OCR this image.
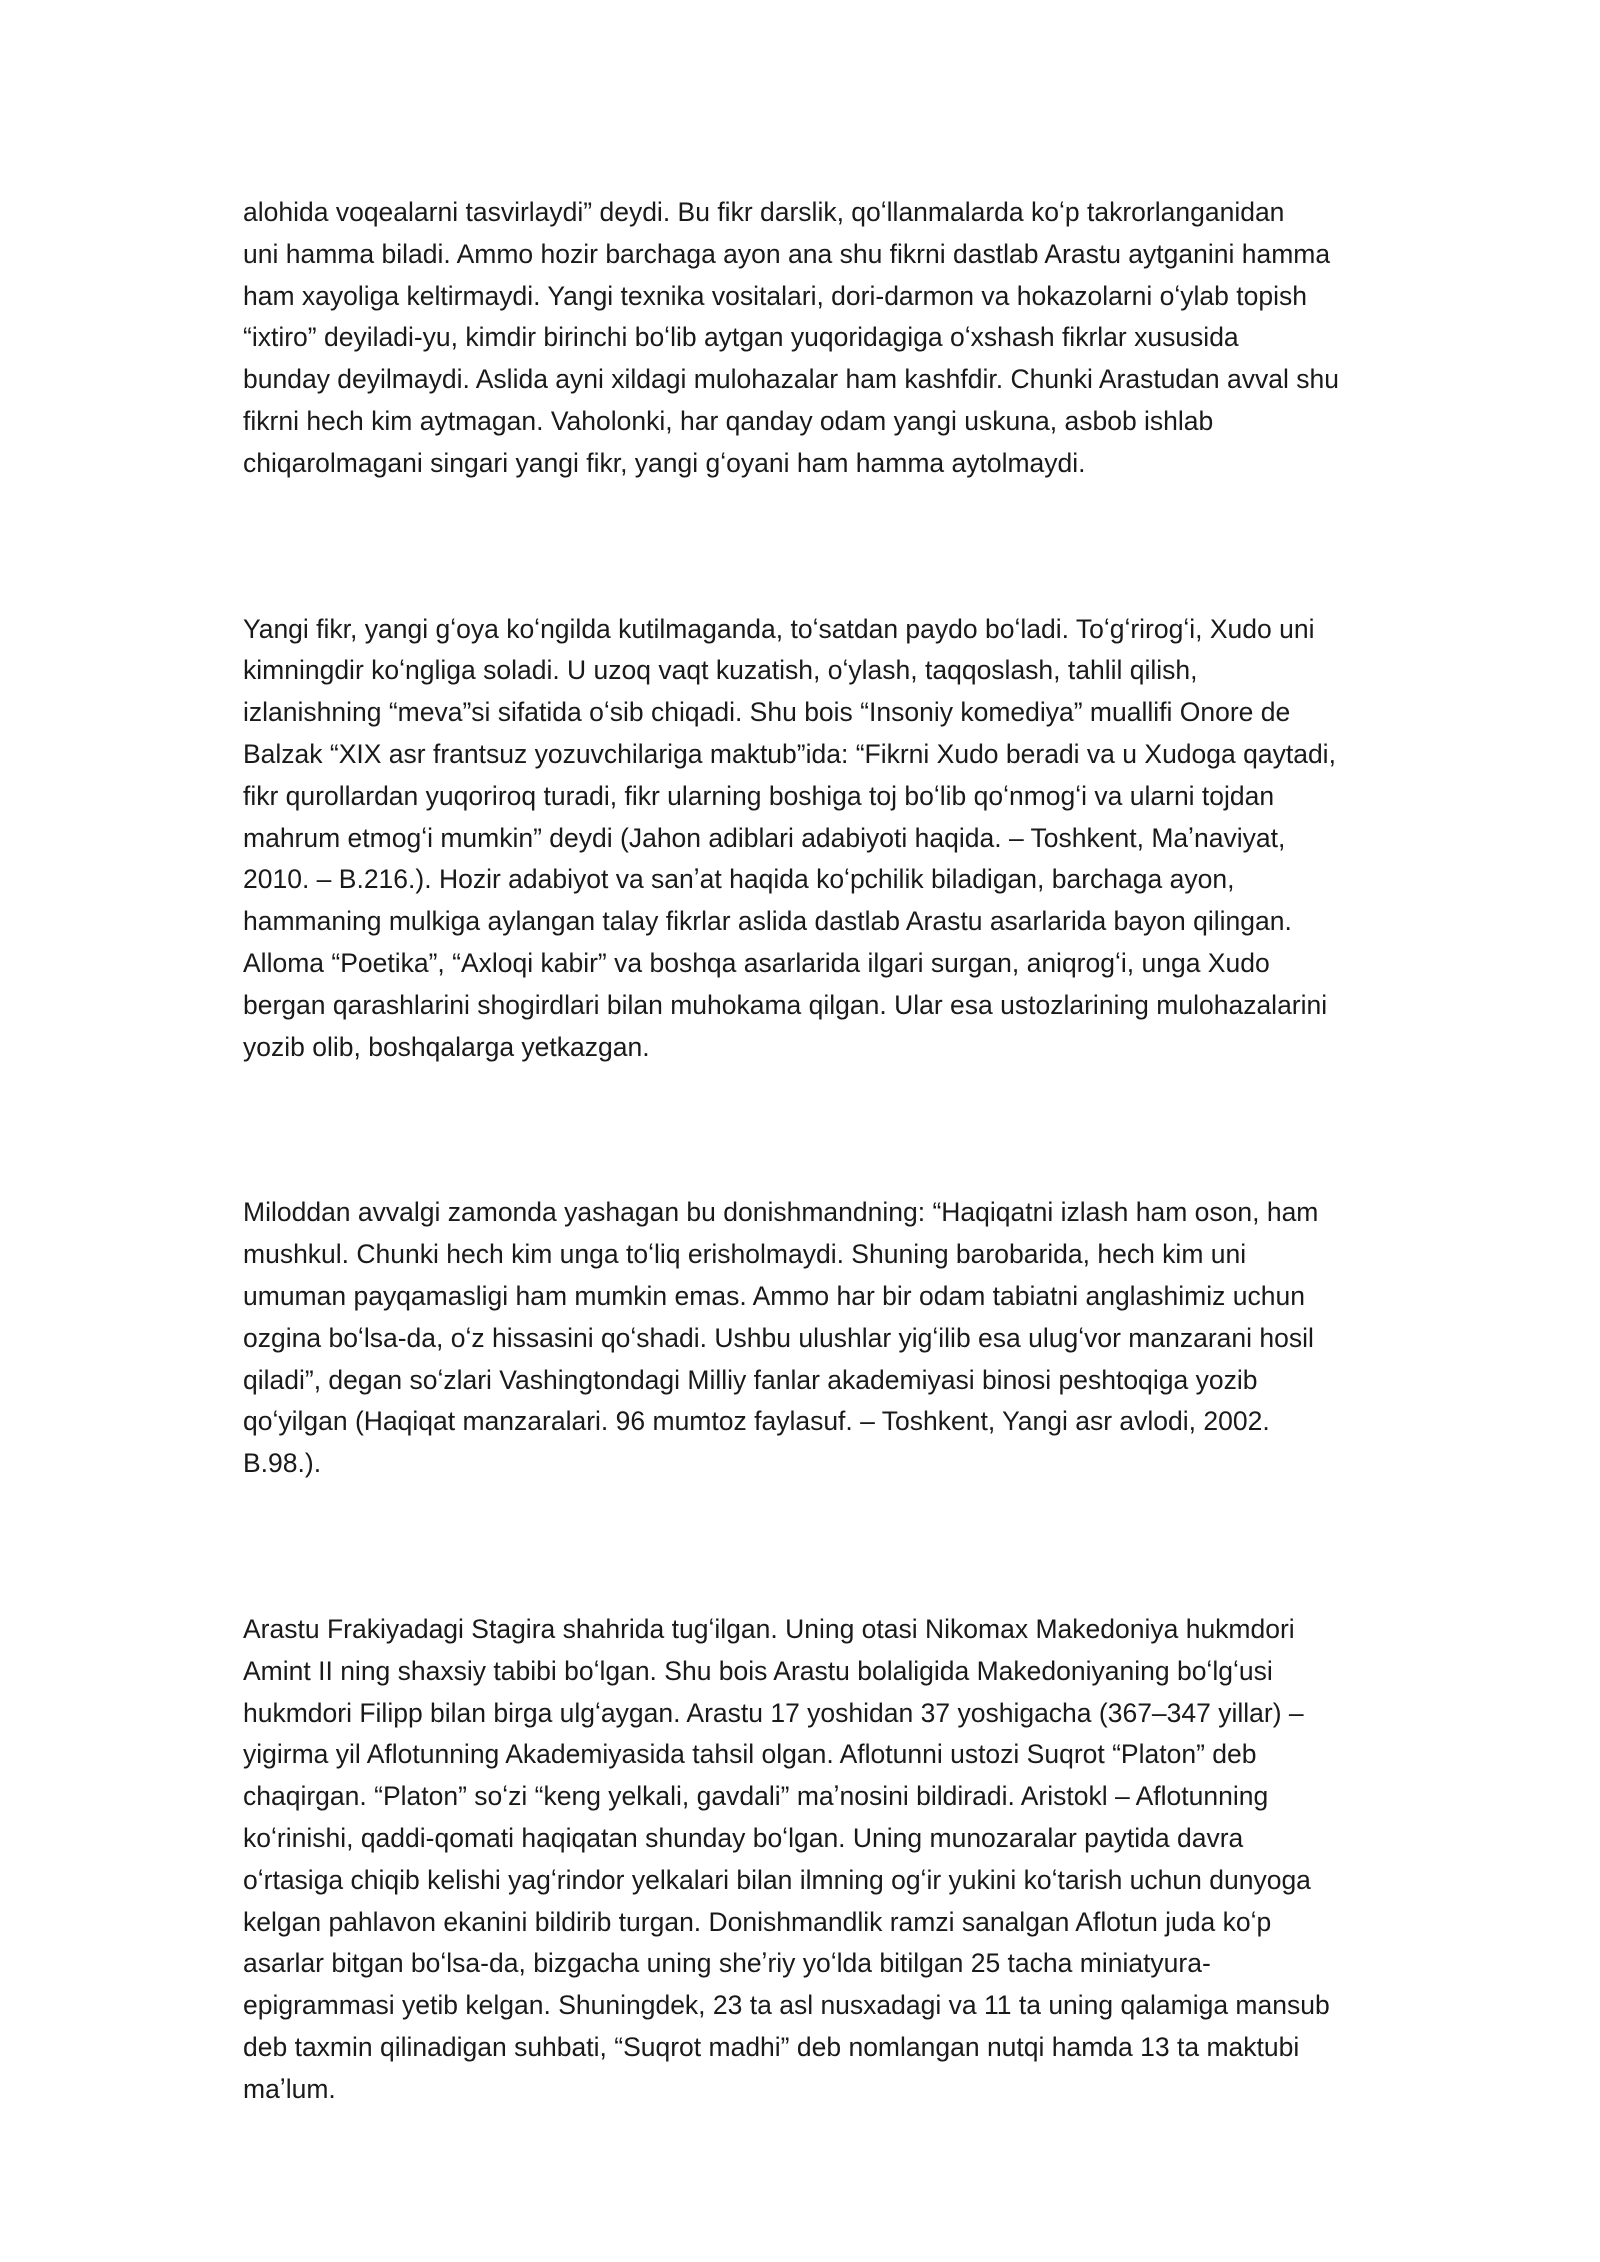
alohida voqealarni tasvirlaydi” deydi. Bu fikr darslik, qoʻllanmalarda koʻp takrorlanganidan
uni hamma biladi. Ammo hozir barchaga ayon ana shu fikrni dastlab Arastu aytganini hamma
ham xayoliga keltirmaydi. Yangi texnika vositalari, dori-darmon va hokazolarni oʻylab topish
“ixtiro” deyiladi-yu, kimdir birinchi boʻlib aytgan yuqoridagiga oʻxshash fikrlar xususida
bunday deyilmaydi. Aslida ayni xildagi mulohazalar ham kashfdir. Chunki Arastudan avval shu
fikrni hech kim aytmagan. Vaholonki, har qanday odam yangi uskuna, asbob ishlab
chiqarolmagani singari yangi fikr, yangi gʻoyani ham hamma aytolmaydi.

Yangi fikr, yangi gʻoya koʻngilda kutilmaganda, toʻsatdan paydo boʻladi. Toʻgʻrirogʻi, Xudo uni
kimningdir koʻngliga soladi. U uzoq vaqt kuzatish, oʻylash, taqqoslash, tahlil qilish,
izlanishning “meva”si sifatida oʻsib chiqadi. Shu bois “Insoniy komediya” muallifi Onore de
Balzak “XIX asr frantsuz yozuvchilariga maktub”ida: “Fikrni Xudo beradi va u Xudoga qaytadi,
fikr qurollardan yuqoriroq turadi, fikr ularning boshiga toj boʻlib qoʻnmogʻi va ularni tojdan
mahrum etmogʻi mumkin” deydi (Jahon adiblari adabiyoti haqida. – Toshkent, Maʼnaviyat,
2010. – B.216.). Hozir adabiyot va sanʼat haqida koʻpchilik biladigan, barchaga ayon,
hammaning mulkiga aylangan talay fikrlar aslida dastlab Arastu asarlarida bayon qilingan.
Alloma “Poetika”, “Axloqi kabir” va boshqa asarlarida ilgari surgan, aniqrogʻi, unga Xudo
bergan qarashlarini shogirdlari bilan muhokama qilgan. Ular esa ustozlarining mulohazalarini
yozib olib, boshqalarga yetkazgan.

Miloddan avvalgi zamonda yashagan bu donishmandning: “Haqiqatni izlash ham oson, ham
mushkul. Chunki hech kim unga toʻliq erisholmaydi. Shuning barobarida, hech kim uni
umuman payqamasligi ham mumkin emas. Ammo har bir odam tabiatni anglashimiz uchun
ozgina boʻlsa-da, oʻz hissasini qoʻshadi. Ushbu ulushlar yigʻilib esa ulugʻvor manzarani hosil
qiladi”, degan soʻzlari Vashingtondagi Milliy fanlar akademiyasi binosi peshtoqiga yozib
qoʻyilgan (Haqiqat manzaralari. 96 mumtoz faylasuf. – Toshkent, Yangi asr avlodi, 2002.
B.98.).

Arastu Frakiyadagi Stagira shahrida tugʻilgan. Uning otasi Nikomax Makedoniya hukmdori
Amint II ning shaxsiy tabibi boʻlgan. Shu bois Arastu bolaligida Makedoniyaning boʻlgʻusi
hukmdori Filipp bilan birga ulgʻaygan. Arastu 17 yoshidan 37 yoshigacha (367–347 yillar) –
yigirma yil Aflotunning Akademiyasida tahsil olgan. Aflotunni ustozi Suqrot “Platon” deb
chaqirgan. “Platon” soʻzi “keng yelkali, gavdali” maʼnosini bildiradi. Aristokl – Aflotunning
koʻrinishi, qaddi-qomati haqiqatan shunday boʻlgan. Uning munozaralar paytida davra
oʻrtasiga chiqib kelishi yagʻrindor yelkalari bilan ilmning ogʻir yukini koʻtarish uchun dunyoga
kelgan pahlavon ekanini bildirib turgan. Donishmandlik ramzi sanalgan Aflotun juda koʻp
asarlar bitgan boʻlsa-da, bizgacha uning sheʼriy yoʻlda bitilgan 25 tacha miniatyura-
epigrammasi yetib kelgan. Shuningdek, 23 ta asl nusxadagi va 11 ta uning qalamiga mansub
deb taxmin qilinadigan suhbati, “Suqrot madhi” deb nomlangan nutqi hamda 13 ta maktubi
maʼlum.
